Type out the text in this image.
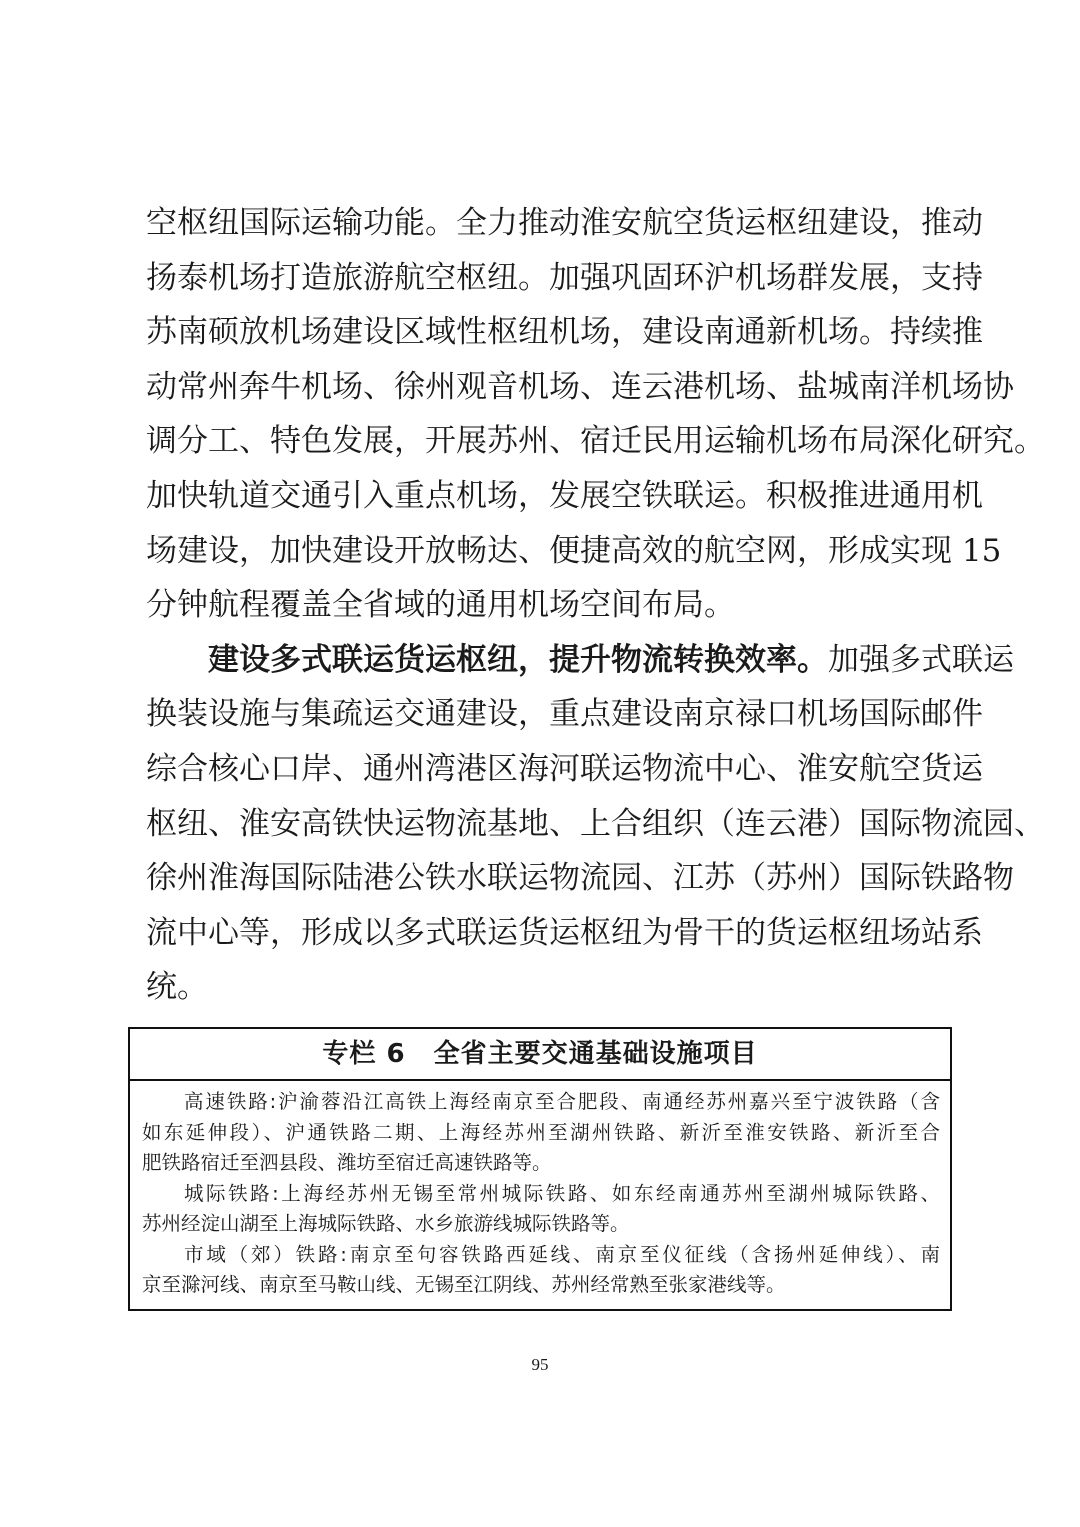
空枢纽国际运输功能。全力推动淮安航空货运枢纽建设，推动
扬泰机场打造旅游航空枢纽。加强巩固环沪机场群发展，支持
苏南硕放机场建设区域性枢纽机场，建设南通新机场。持续推
动常州奔牛机场、徐州观音机场、连云港机场、盐城南洋机场协
调分工、特色发展，开展苏州、宿迁民用运输机场布局深化研究。
加快轨道交通引入重点机场，发展空铁联运。积极推进通用机
场建设，加快建设开放畅达、便捷高效的航空网，形成实现 15
分钟航程覆盖全省域的通用机场空间布局。
建设多式联运货运枢纽，提升物流转换效率。加强多式联运
换装设施与集疏运交通建设，重点建设南京禄口机场国际邮件
综合核心口岸、通州湾港区海河联运物流中心、淮安航空货运
枢纽、淮安高铁快运物流基地、上合组织（连云港）国际物流园、
徐州淮海国际陆港公铁水联运物流园、江苏（苏州）国际铁路物
流中心等，形成以多式联运货运枢纽为骨干的货运枢纽场站系
统。
专栏 6 全省主要交通基础设施项目
高速铁路:沪渝蓉沿江高铁上海经南京至合肥段、南通经苏州嘉兴至宁波铁路（含
如东延伸段）、沪通铁路二期、上海经苏州至湖州铁路、新沂至淮安铁路、新沂至合
肥铁路宿迁至泗县段、潍坊至宿迁高速铁路等。
城际铁路:上海经苏州无锡至常州城际铁路、如东经南通苏州至湖州城际铁路、
苏州经淀山湖至上海城际铁路、水乡旅游线城际铁路等。
市域（郊）铁路:南京至句容铁路西延线、南京至仪征线（含扬州延伸线）、南
京至滁河线、南京至马鞍山线、无锡至江阴线、苏州经常熟至张家港线等。
95
